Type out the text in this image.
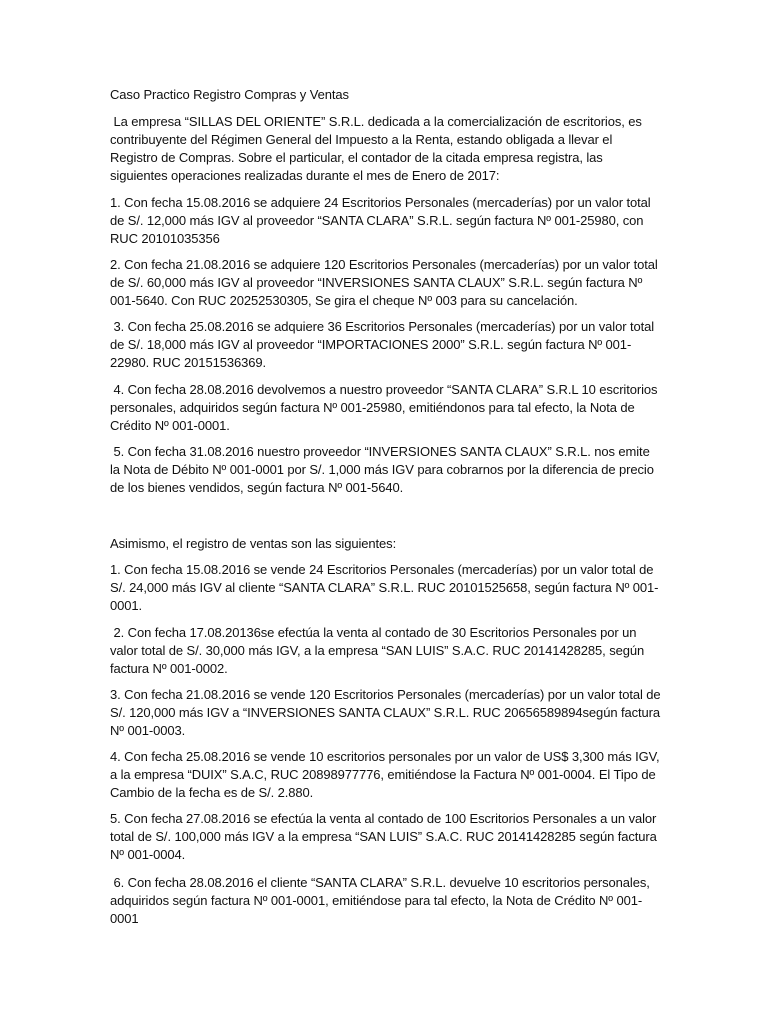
Caso Practico Registro Compras y Ventas

La empresa “SILLAS DEL ORIENTE” S.R.L. dedicada a la comercialización de escritorios, es contribuyente del Régimen General del Impuesto a la Renta, estando obligada a llevar el Registro de Compras. Sobre el particular, el contador de la citada empresa registra, las siguientes operaciones realizadas durante el mes de Enero de 2017:

1. Con fecha 15.08.2016 se adquiere 24 Escritorios Personales (mercaderías) por un valor total de S/. 12,000 más IGV al proveedor “SANTA CLARA” S.R.L. según factura Nº 001-25980, con RUC 20101035356

2. Con fecha 21.08.2016 se adquiere 120 Escritorios Personales (mercaderías) por un valor total de S/. 60,000 más IGV al proveedor “INVERSIONES SANTA CLAUX” S.R.L. según factura Nº 001-5640. Con RUC 20252530305, Se gira el cheque Nº 003 para su cancelación.

3. Con fecha 25.08.2016 se adquiere 36 Escritorios Personales (mercaderías) por un valor total de S/. 18,000 más IGV al proveedor “IMPORTACIONES 2000” S.R.L. según factura Nº 001-22980. RUC 20151536369.

4. Con fecha 28.08.2016 devolvemos a nuestro proveedor “SANTA CLARA” S.R.L 10 escritorios personales, adquiridos según factura Nº 001-25980, emitiéndonos para tal efecto, la Nota de Crédito Nº 001-0001.

5. Con fecha 31.08.2016 nuestro proveedor “INVERSIONES SANTA CLAUX” S.R.L. nos emite la Nota de Débito Nº 001-0001 por S/. 1,000 más IGV para cobrarnos por la diferencia de precio de los bienes vendidos, según factura Nº 001-5640.

Asimismo, el registro de ventas son las siguientes:

1. Con fecha 15.08.2016 se vende 24 Escritorios Personales (mercaderías) por un valor total de S/. 24,000 más IGV al cliente “SANTA CLARA” S.R.L. RUC 20101525658, según factura Nº 001-0001.

2. Con fecha 17.08.20136se efectúa la venta al contado de 30 Escritorios Personales por un valor total de S/. 30,000 más IGV, a la empresa “SAN LUIS” S.A.C. RUC 20141428285, según factura Nº 001-0002.

3. Con fecha 21.08.2016 se vende 120 Escritorios Personales (mercaderías) por un valor total de S/. 120,000 más IGV a “INVERSIONES SANTA CLAUX” S.R.L. RUC 20656589894según factura Nº 001-0003.

4. Con fecha 25.08.2016 se vende 10 escritorios personales por un valor de US$ 3,300 más IGV, a la empresa “DUIX” S.A.C, RUC 20898977776, emitiéndose la Factura Nº 001-0004. El Tipo de Cambio de la fecha es de S/. 2.880.

5. Con fecha 27.08.2016 se efectúa la venta al contado de 100 Escritorios Personales a un valor total de S/. 100,000 más IGV a la empresa “SAN LUIS” S.A.C. RUC 20141428285 según factura Nº 001-0004.

6. Con fecha 28.08.2016 el cliente “SANTA CLARA” S.R.L. devuelve 10 escritorios personales, adquiridos según factura Nº 001-0001, emitiéndose para tal efecto, la Nota de Crédito Nº 001-0001
